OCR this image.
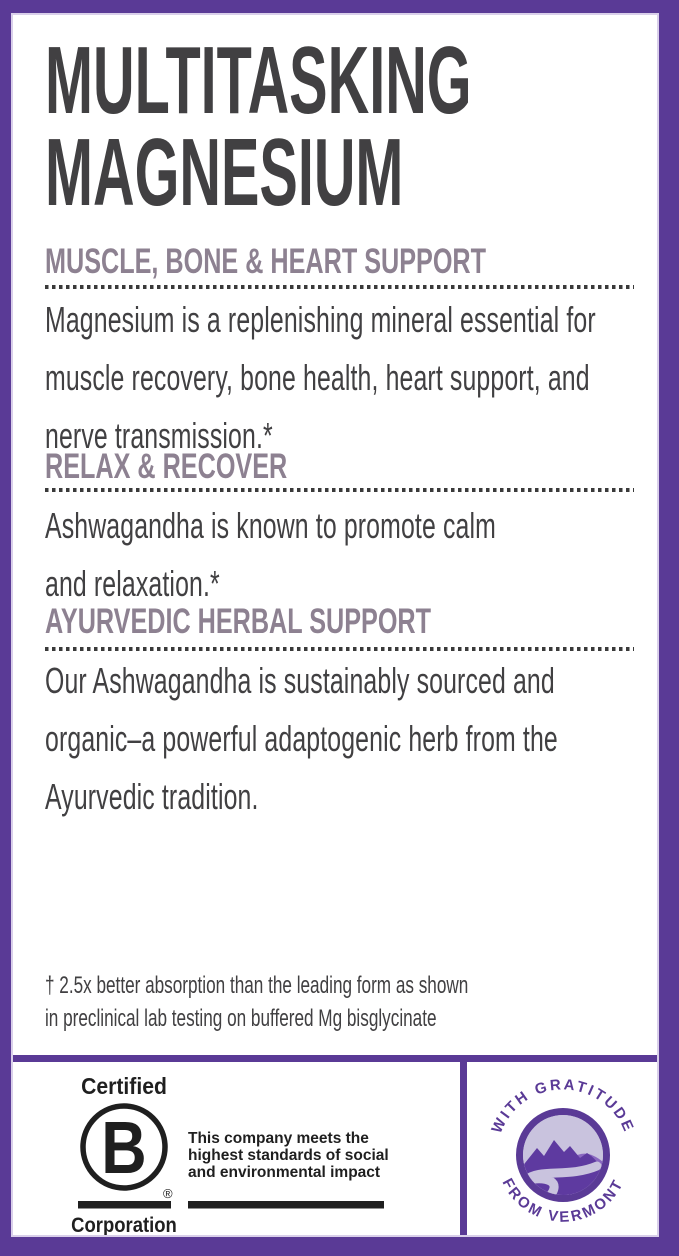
MULTITASKING
MAGNESIUM
MUSCLE, BONE & HEART SUPPORT
Magnesium is a replenishing mineral essential for
muscle recovery, bone health, heart support, and
nerve transmission.*
RELAX & RECOVER
Ashwagandha is known to promote calm
and relaxation.*
AYURVEDIC HERBAL SUPPORT
Our Ashwagandha is sustainably sourced and
organic–a powerful adaptogenic herb from the
Ayurvedic tradition.
† 2.5x better absorption than the leading form as shown
in preclinical lab testing on buffered Mg bisglycinate
Certified
B
®
Corporation
This company meets the
highest standards of social
and environmental impact
WITH GRATITUDE
FROM VERMONT
